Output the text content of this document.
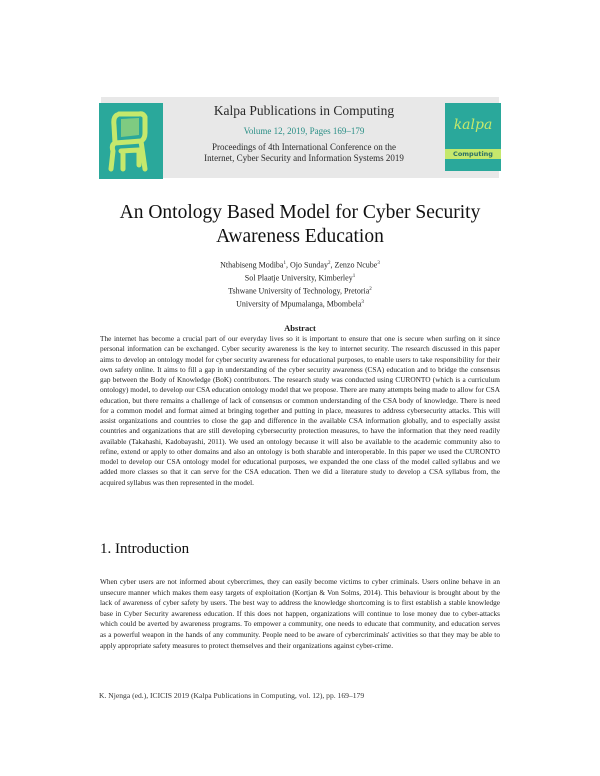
kalpa
Computing
Kalpa Publications in Computing
Volume 12, 2019, Pages 169–179
Proceedings of 4th International Conference on the
Internet, Cyber Security and Information Systems 2019
An Ontology Based Model for Cyber Security
Awareness Education
Nthabiseng Modiba$^1$, Ojo Sunday$^2$, Zenzo Ncube$^3$
Sol Plaatje University, Kimberley$^1$
Tshwane University of Technology, Pretoria$^2$
University of Mpumalanga, Mbombela$^3$
Abstract
The internet has become a crucial part of our everyday lives so it is important to ensure that one is secure when surfing on it since personal information can be exchanged. Cyber security awareness is the key to internet security. The research discussed in this paper aims to develop an ontology model for cyber security awareness for educational purposes, to enable users to take responsibility for their own safety online. It aims to fill a gap in understanding of the cyber security awareness (CSA) education and to bridge the consensus gap between the Body of Knowledge (BoK) contributors. The research study was conducted using CURONTO (which is a curriculum ontology) model, to develop our CSA education ontology model that we propose. There are many attempts being made to allow for CSA education, but there remains a challenge of lack of consensus or common understanding of the CSA body of knowledge. There is need for a common model and format aimed at bringing together and putting in place, measures to address cybersecurity attacks. This will assist organizations and countries to close the gap and difference in the available CSA information globally, and to especially assist countries and organizations that are still developing cybersecurity protection measures, to have the information that they need readily available (Takahashi, Kadobayashi, 2011). We used an ontology because it will also be available to the academic community also to refine, extend or apply to other domains and also an ontology is both sharable and interoperable. In this paper we used the CURONTO model to develop our CSA ontology model for educational purposes, we expanded the one class of the model called syllabus and we added more classes so that it can serve for the CSA education. Then we did a literature study to develop a CSA syllabus from, the acquired syllabus was then represented in the model.
1. Introduction
When cyber users are not informed about cybercrimes, they can easily become victims to cyber criminals. Users online behave in an unsecure manner which makes them easy targets of exploitation (Kortjan & Von Solms, 2014). This behaviour is brought about by the lack of awareness of cyber safety by users. The best way to address the knowledge shortcoming is to first establish a stable knowledge base in Cyber Security awareness education. If this does not happen, organizations will continue to lose money due to cyber-attacks which could be averted by awareness programs. To empower a community, one needs to educate that community, and education serves as a powerful weapon in the hands of any community. People need to be aware of cybercriminals' activities so that they may be able to apply appropriate safety measures to protect themselves and their organizations against cyber-crime.
K. Njenga (ed.), ICICIS 2019 (Kalpa Publications in Computing, vol. 12), pp. 169–179
